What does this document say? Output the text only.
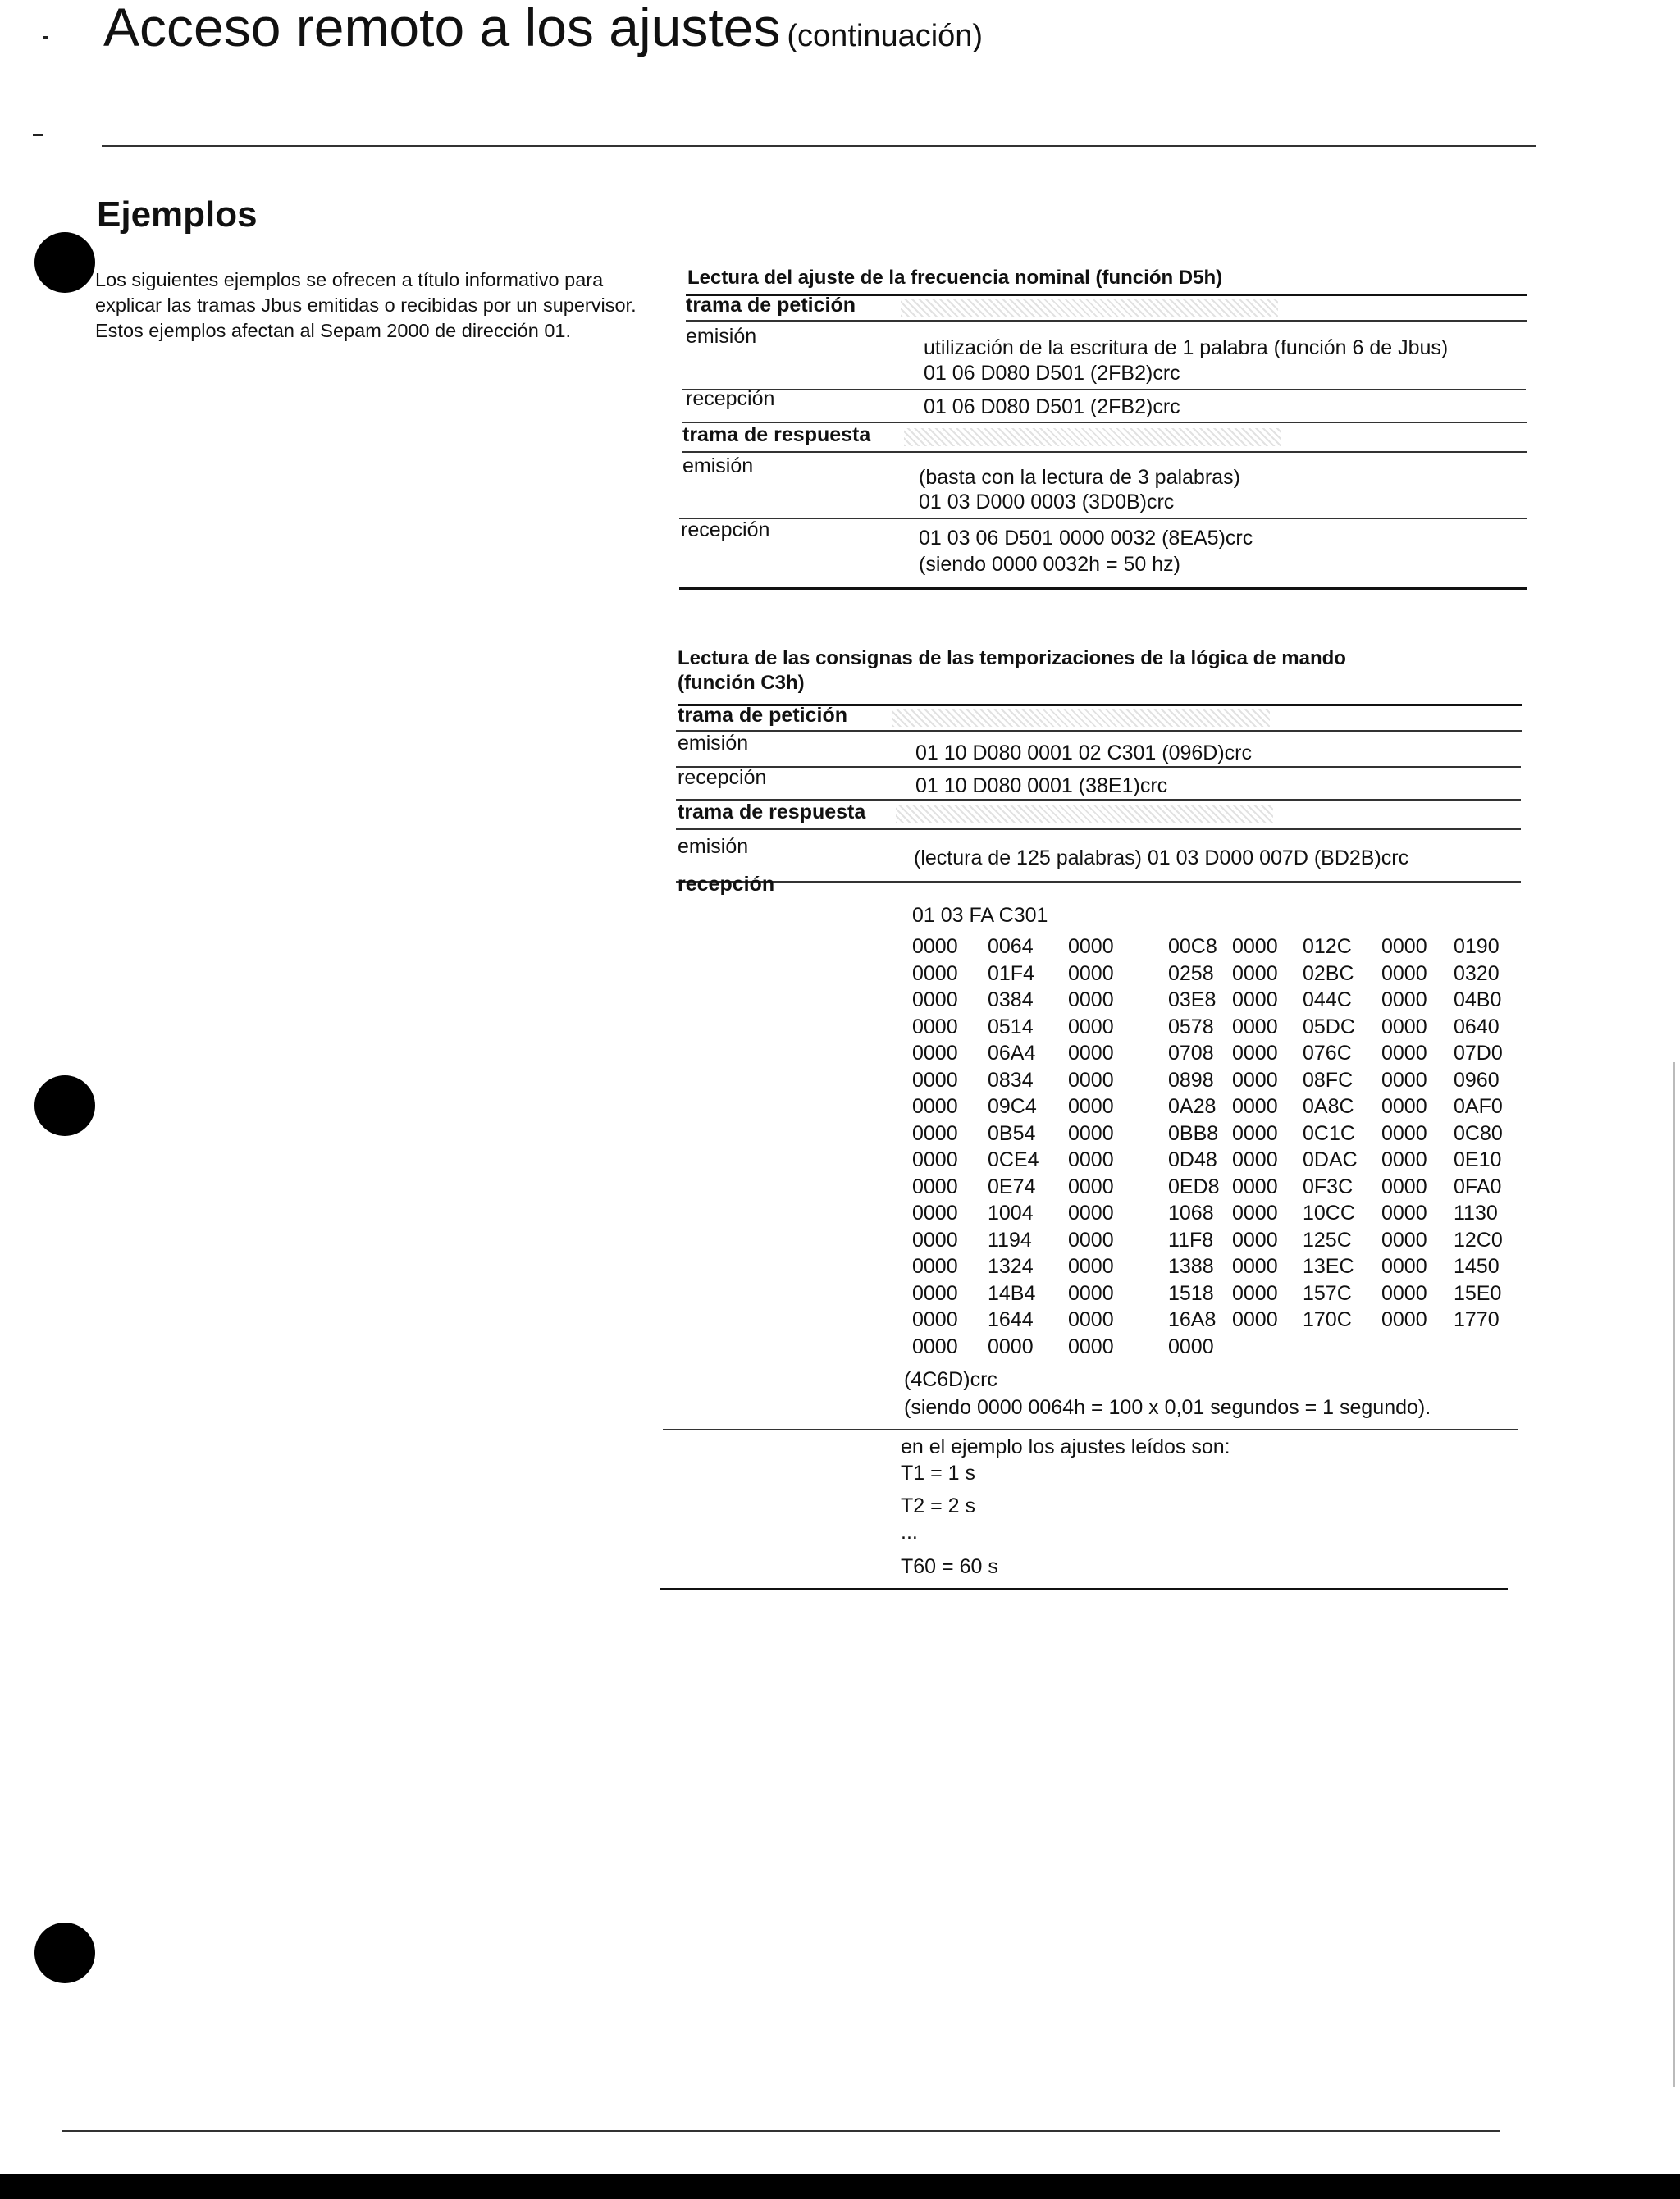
Acceso remoto a los ajustes (continuación)
Ejemplos
Los siguientes ejemplos se ofrecen a título informativo para explicar las tramas Jbus emitidas o recibidas por un supervisor. Estos ejemplos afectan al Sepam 2000 de dirección 01.
Lectura del ajuste de la frecuencia nominal (función D5h)
trama de petición
emisión	utilización de la escritura de 1 palabra (función 6 de Jbus)
01 06 D080 D501 (2FB2)crc
recepción	01 06 D080 D501 (2FB2)crc
trama de respuesta
emisión	(basta con la lectura de 3 palabras)
01 03 D000 0003 (3D0B)crc
recepción	01 03 06 D501 0000 0032 (8EA5)crc
(siendo 0000 0032h = 50 hz)
Lectura de las consignas de las temporizaciones de la lógica de mando
(función C3h)
trama de petición
emisión	01 10 D080 0001 02 C301 (096D)crc
recepción	01 10 D080 0001 (38E1)crc
trama de respuesta
emisión	(lectura de 125 palabras) 01 03 D000 007D (BD2B)crc
recepción
01 03 FA C301
0000 0064 0000	00C8 0000 012C 0000 0190
0000 01F4 0000	0258 0000 02BC 0000 0320
0000 0384 0000	03E8 0000 044C 0000 04B0
0000 0514 0000	0578 0000 05DC 0000 0640
0000 06A4 0000	0708 0000 076C 0000 07D0
0000 0834 0000	0898 0000 08FC 0000 0960
0000 09C4 0000	0A28 0000 0A8C 0000 0AF0
0000 0B54 0000	0BB8 0000 0C1C 0000 0C80
0000 0CE4 0000	0D48 0000 0DAC 0000 0E10
0000 0E74 0000	0ED8 0000 0F3C 0000 0FA0
0000 1004 0000	1068 0000 10CC 0000 1130
0000 1194 0000	11F8 0000 125C 0000 12C0
0000 1324 0000	1388 0000 13EC 0000 1450
0000 14B4 0000	1518 0000 157C 0000 15E0
0000 1644 0000	16A8 0000 170C 0000 1770
0000 0000 0000	0000
(4C6D)crc
(siendo 0000 0064h = 100 x 0,01 segundos = 1 segundo).
en el ejemplo los ajustes leídos son:
T1 = 1 s
T2 = 2 s
...
T60 = 60 s
